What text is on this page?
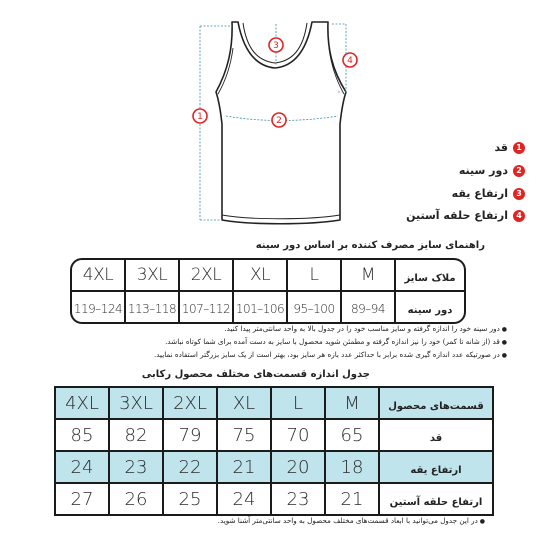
1	2
3
4
1
قد
2
دور سینه
3
ارتفاع یقه
4
ارتفاع حلقه آستین
راهنمای سایز مصرف کننده بر اساس دور سینه
4XL	3XL	2XL	XL	L	M	ملاک سایز
119–124	113–118	107–112	101–106	95–100	89–94	دور سینه
● دور سینه خود را اندازه گرفته و سایز مناسب خود را در جدول بالا به واحد سانتی‌متر پیدا کنید.
● قد (از شانه تا کمر) خود را نیز اندازه گرفته و مطمئن شوید محصول با سایز به دست آمده برای شما کوتاه نباشد.
● در صورتیکه عدد اندازه گیری شده برابر با حداکثر عدد بازه هر سایز بود، بهتر است از یک سایز بزرگتر استفاده نمایید.
جدول اندازه قسمت‌های مختلف محصول رکابی
4XL	3XL	2XL	XL	L	M	قسمت‌های محصول
85	82	79	75	70	65	قد
24	23	22	21	20	18	ارتفاع یقه
27	26	25	24	23	21	ارتفاع حلقه آستین
● در این جدول می‌توانید با ابعاد قسمت‌های مختلف محصول به واحد سانتی‌متر آشنا شوید.
